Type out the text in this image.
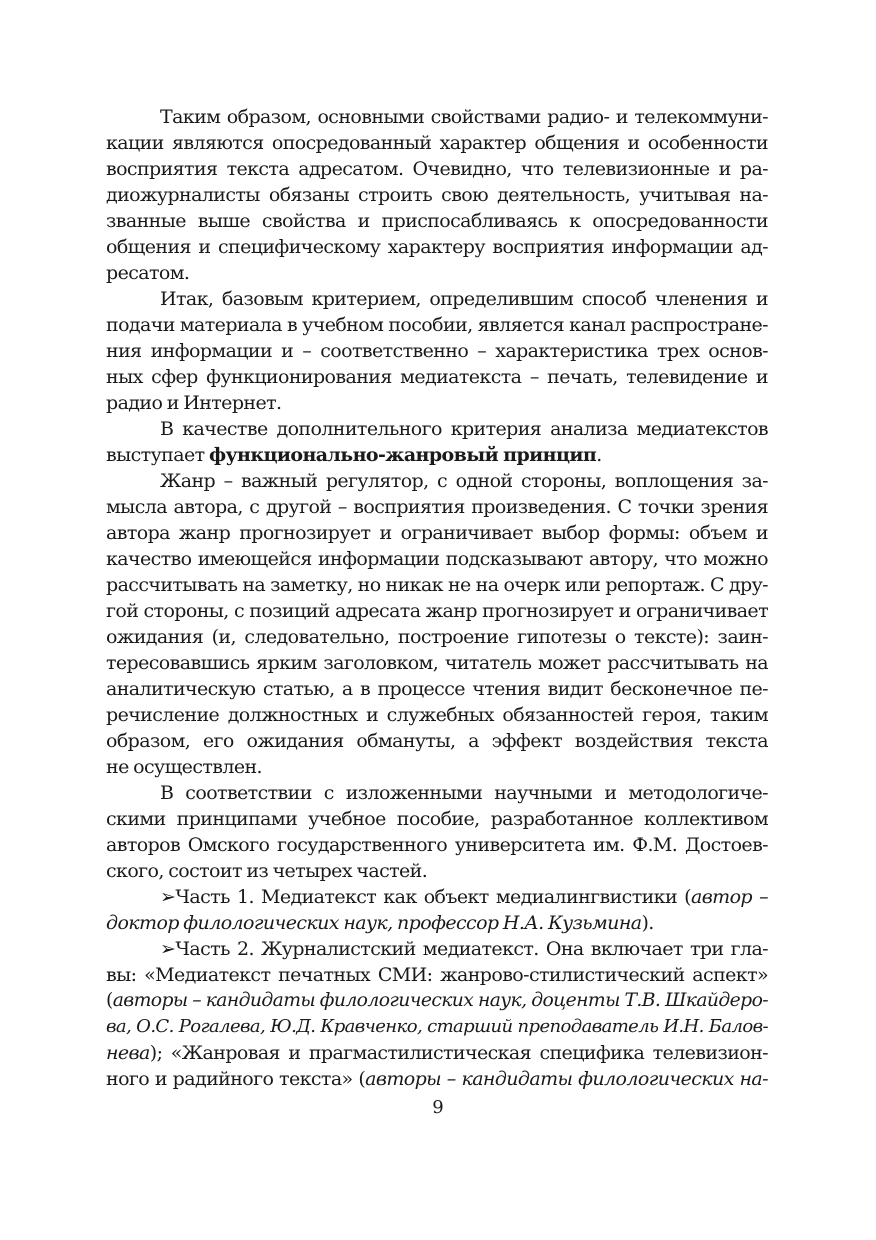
Таким образом, основными свойствами радио- и телекоммуни-
кации являются опосредованный характер общения и особенности
восприятия текста адресатом. Очевидно, что телевизионные и ра-
диожурналисты обязаны строить свою деятельность, учитывая на-
званные выше свойства и приспосабливаясь к опосредованности
общения и специфическому характеру восприятия информации ад-
ресатом.
Итак, базовым критерием, определившим способ членения и
подачи материала в учебном пособии, является канал распростране-
ния информации и – соответственно – характеристика трех основ-
ных сфер функционирования медиатекста – печать, телевидение и
радио и Интернет.
В качестве дополнительного критерия анализа медиатекстов
выступает функционально-жанровый принцип.
Жанр – важный регулятор, с одной стороны, воплощения за-
мысла автора, с другой – восприятия произведения. С точки зрения
автора жанр прогнозирует и ограничивает выбор формы: объем и
качество имеющейся информации подсказывают автору, что можно
рассчитывать на заметку, но никак не на очерк или репортаж. С дру-
гой стороны, с позиций адресата жанр прогнозирует и ограничивает
ожидания (и, следовательно, построение гипотезы о тексте): заин-
тересовавшись ярким заголовком, читатель может рассчитывать на
аналитическую статью, а в процессе чтения видит бесконечное пе-
речисление должностных и служебных обязанностей героя, таким
образом, его ожидания обмануты, а эффект воздействия текста
не осуществлен.
В соответствии с изложенными научными и методологиче-
скими принципами учебное пособие, разработанное коллективом
авторов Омского государственного университета им. Ф.М. Достоев-
ского, состоит из четырех частей.
➢Часть 1. Медиатекст как объект медиалингвистики (автор –
доктор филологических наук, профессор Н.А. Кузьмина).
➢Часть 2. Журналистский медиатекст. Она включает три гла-
вы: «Медиатекст печатных СМИ: жанрово-стилистический аспект»
(авторы – кандидаты филологических наук, доценты Т.В. Шкайдеро-
ва, О.С. Рогалева, Ю.Д. Кравченко, старший преподаватель И.Н. Балов-
нева); «Жанровая и прагмастилистическая специфика телевизион-
ного и радийного текста» (авторы – кандидаты филологических на-
9
